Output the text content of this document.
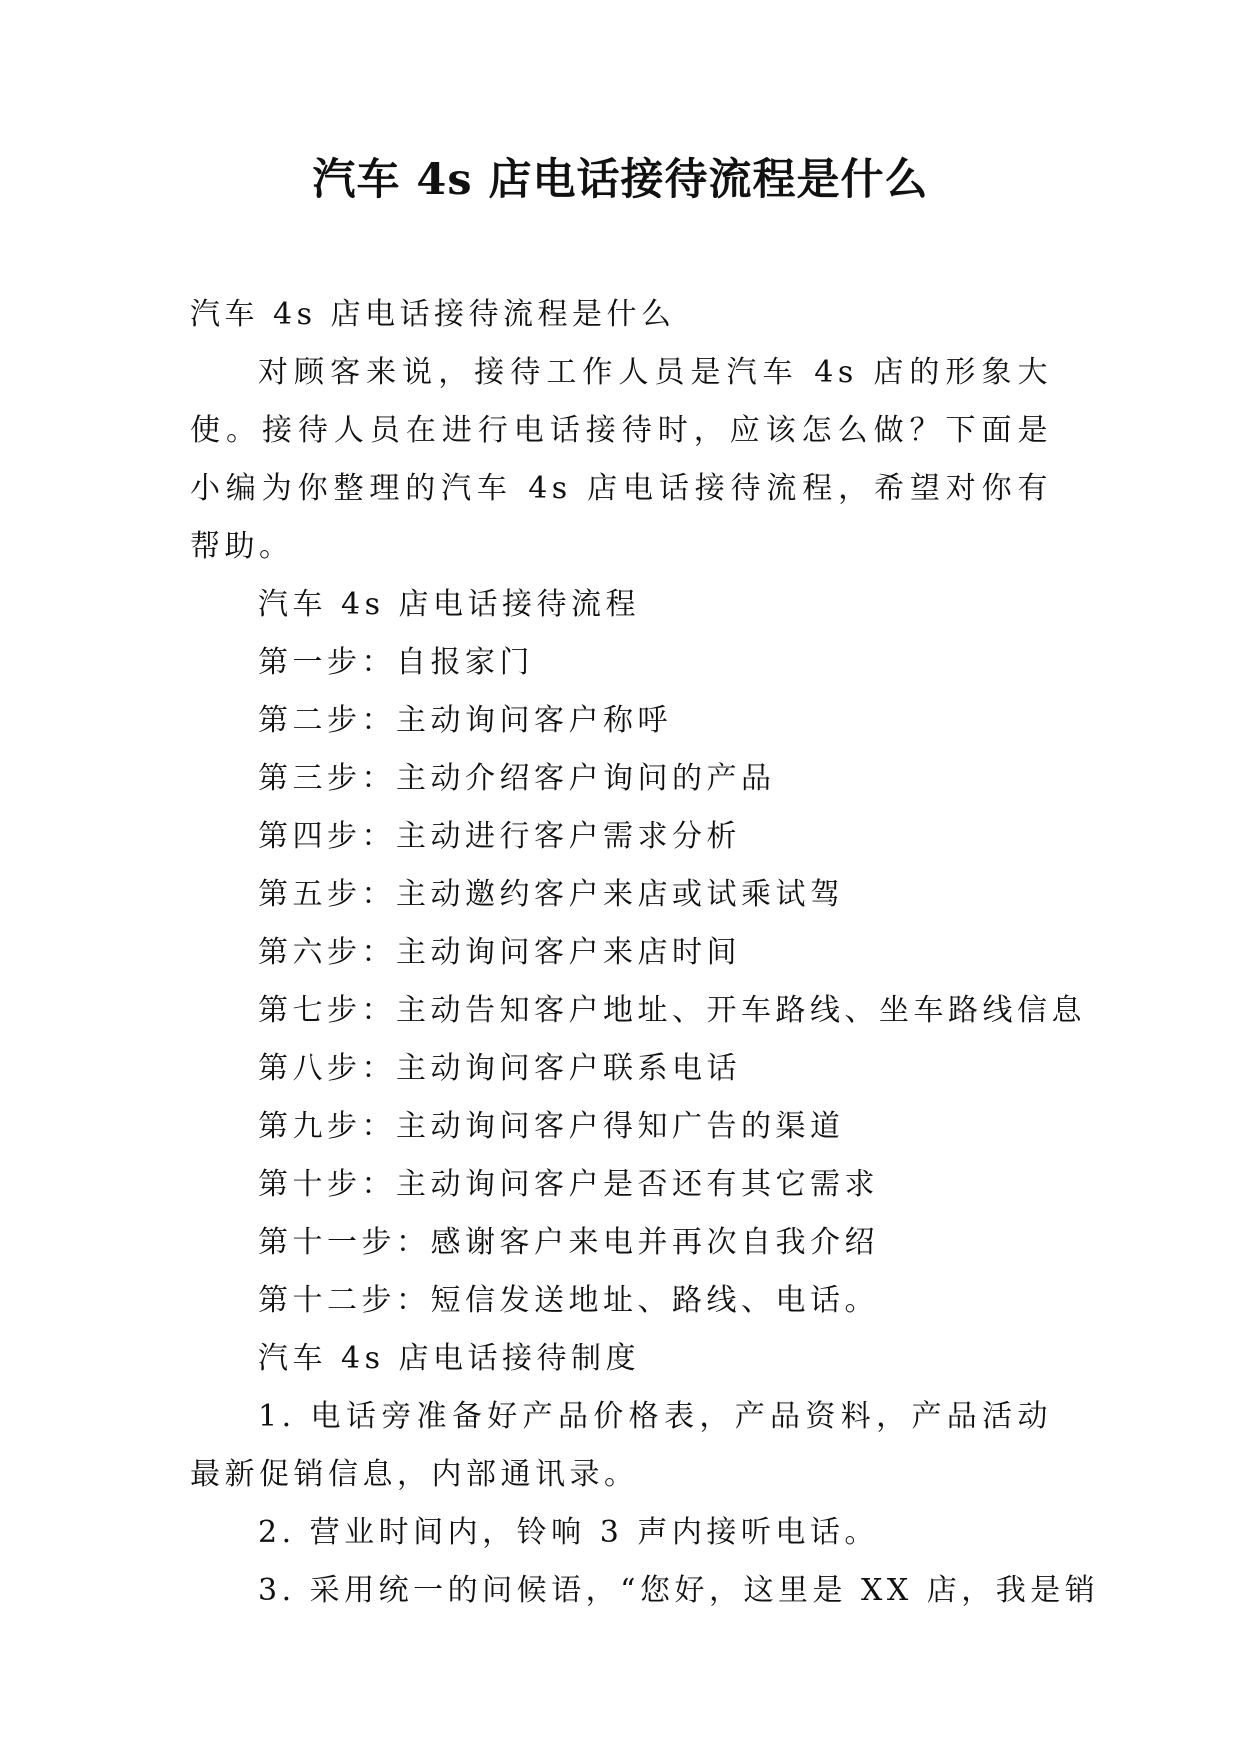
汽车 4s 店电话接待流程是什么

汽车 4s 店电话接待流程是什么

对顾客来说，接待工作人员是汽车 4s 店的形象大使。接待人员在进行电话接待时，应该怎么做？下面是小编为你整理的汽车 4s 店电话接待流程，希望对你有帮助。

汽车 4s 店电话接待流程

第一步：自报家门

第二步：主动询问客户称呼

第三步：主动介绍客户询问的产品

第四步：主动进行客户需求分析

第五步：主动邀约客户来店或试乘试驾

第六步：主动询问客户来店时间

第七步：主动告知客户地址、开车路线、坐车路线信息

第八步：主动询问客户联系电话

第九步：主动询问客户得知广告的渠道

第十步：主动询问客户是否还有其它需求

第十一步：感谢客户来电并再次自我介绍

第十二步：短信发送地址、路线、电话。

汽车 4s 店电话接待制度

1. 电话旁准备好产品价格表，产品资料，产品活动最新促销信息，内部通讯录。

2. 营业时间内，铃响 3 声内接听电话。

3. 采用统一的问候语，“您好，这里是 XX 店，我是销
